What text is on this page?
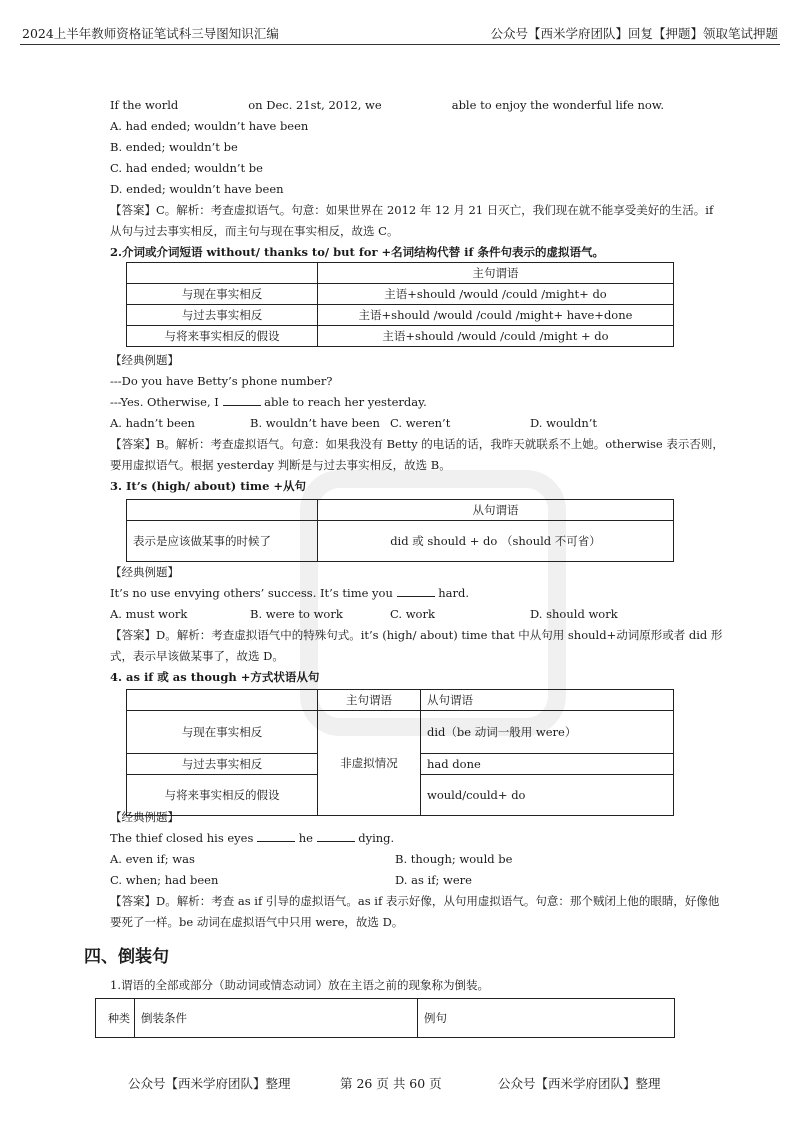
2024上半年教师资格证笔试科三导图知识汇编	公众号【西米学府团队】回复【押题】领取笔试押题
If the world	on Dec. 21st, 2012, we	able to enjoy the wonderful life now.
A. had ended; wouldn’t have been
B. ended; wouldn’t be
C. had ended; wouldn’t be
D. ended; wouldn’t have been
【答案】C。解析：考查虚拟语气。句意：如果世界在 2012 年 12 月 21 日灭亡，我们现在就不能享受美好的生活。if 从句与过去事实相反，而主句与现在事实相反，故选 C。
2.介词或介词短语 without/ thanks to/ but for +名词结构代替 if 条件句表示的虚拟语气。
	主句谓语
与现在事实相反	主语+should /would /could /might+ do
与过去事实相反	主语+should /would /could /might+ have+done
与将来事实相反的假设	主语+should /would /could /might + do
【经典例题】
---Do you have Betty’s phone number?
---Yes. Otherwise, I	able to reach her yesterday.
A. hadn’t been	B. wouldn’t have been C. weren’t	D. wouldn’t
【答案】B。解析：考查虚拟语气。句意：如果我没有 Betty 的电话的话，我昨天就联系不上她。otherwise 表示否则，要用虚拟语气。根据 yesterday 判断是与过去事实相反，故选 B。
3. It’s (high/ about) time +从句
	从句谓语
表示是应该做某事的时候了	did 或 should + do （should 不可省）
【经典例题】
It’s no use envying others’ success. It’s time you	hard.
A. must work	B. were to work	C. work	D. should work
【答案】D。解析：考查虚拟语气中的特殊句式。it’s (high/ about) time that 中从句用 should+动词原形或者 did 形式，表示早该做某事了，故选 D。
4. as if 或 as though +方式状语从句
	主句谓语	从句谓语
与现在事实相反	非虚拟情况	did（be 动词一般用 were）
与过去事实相反		had done
与将来事实相反的假设		would/could+ do
【经典例题】
The thief closed his eyes	he	dying.
A. even if; was	B. though; would be
C. when; had been	D. as if; were
【答案】D。解析：考查 as if 引导的虚拟语气。as if 表示好像，从句用虚拟语气。句意：那个贼闭上他的眼睛，好像他要死了一样。be 动词在虚拟语气中只用 were，故选 D。
四、倒装句
1.谓语的全部或部分（助动词或情态动词）放在主语之前的现象称为倒装。
种类	倒装条件	例句
公众号【西米学府团队】整理	第 26 页 共 60 页	公众号【西米学府团队】整理
